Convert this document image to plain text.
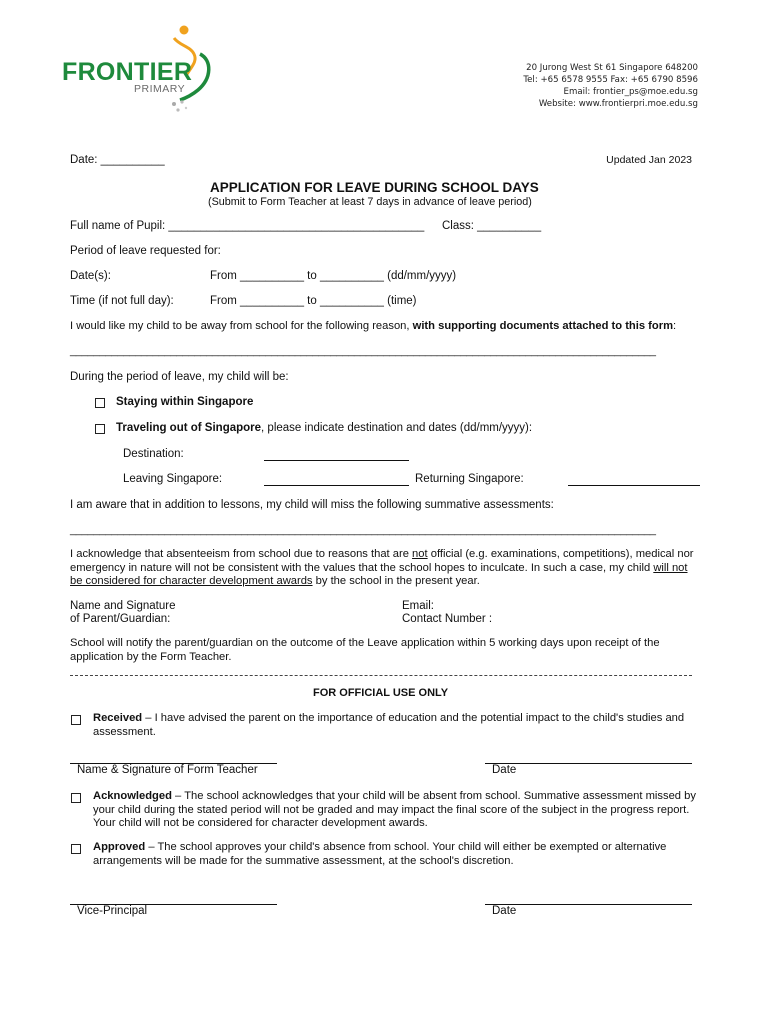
FRONTIER
PRIMARY
20 Jurong West St 61 Singapore 648200
Tel: +65 6578 9555 Fax: +65 6790 8596
Email: frontier_ps@moe.edu.sg
Website: www.frontierpri.moe.edu.sg
Date: __________	Updated Jan 2023
APPLICATION FOR LEAVE DURING SCHOOL DAYS
(Submit to Form Teacher at least 7 days in advance of leave period)
Full name of Pupil: ________________________________________ Class: __________
Period of leave requested for:
Date(s):	From __________ to __________ (dd/mm/yyyy)
Time (if not full day):	From __________ to __________ (time)
I would like my child to be away from school for the following reason, with supporting documents attached to this form:
___________________________________________________________________________________________________
During the period of leave, my child will be:
Staying within Singapore
Traveling out of Singapore, please indicate destination and dates (dd/mm/yyyy):
Destination:
Leaving Singapore:	Returning Singapore:
I am aware that in addition to lessons, my child will miss the following summative assessments:
___________________________________________________________________________________________________
I acknowledge that absenteeism from school due to reasons that are not official (e.g. examinations, competitions), medical nor emergency in nature will not be consistent with the values that the school hopes to inculcate. In such a case, my child will not be considered for character development awards by the school in the present year.
Name and Signature
of Parent/Guardian:
Email:
Contact Number :
School will notify the parent/guardian on the outcome of the Leave application within 5 working days upon receipt of the application by the Form Teacher.
FOR OFFICIAL USE ONLY
Received – I have advised the parent on the importance of education and the potential impact to the child's studies and assessment.
Name & Signature of Form Teacher	Date
Acknowledged – The school acknowledges that your child will be absent from school. Summative assessment missed by your child during the stated period will not be graded and may impact the final score of the subject in the progress report. Your child will not be considered for character development awards.
Approved – The school approves your child's absence from school. Your child will either be exempted or alternative arrangements will be made for the summative assessment, at the school's discretion.
Vice-Principal	Date
